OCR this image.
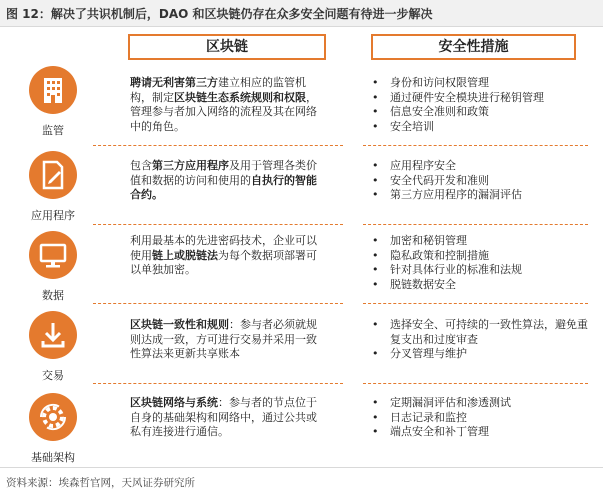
图 12：解决了共识机制后，DAO 和区块链仍存在众多安全问题有待进一步解决
区块链	安全性措施
监管
聘请无利害第三方建立相应的监管机构，制定区块链生态系统规则和权限，管理参与者加入网络的流程及其在网络中的角色。
• 身份和访问权限管理
• 通过硬件安全模块进行秘钥管理
• 信息安全准则和政策
• 安全培训
应用程序
包含第三方应用程序及用于管理各类价值和数据的访问和使用的自执行的智能合约。
• 应用程序安全
• 安全代码开发和准则
• 第三方应用程序的漏洞评估
数据
利用最基本的先进密码技术，企业可以使用链上或脱链法为每个数据项部署可以单独加密。
• 加密和秘钥管理
• 隐私政策和控制措施
• 针对具体行业的标准和法规
• 脱链数据安全
交易
区块链一致性和规则：参与者必须就规则达成一致，方可进行交易并采用一致性算法来更新共享账本
• 选择安全、可持续的一致性算法，避免重复支出和过度审查
• 分叉管理与维护
基础架构
区块链网络与系统：参与者的节点位于自身的基础架构和网络中，通过公共或私有连接进行通信。
• 定期漏洞评估和渗透测试
• 日志记录和监控
• 端点安全和补丁管理
资料来源：埃森哲官网，天风证券研究所
